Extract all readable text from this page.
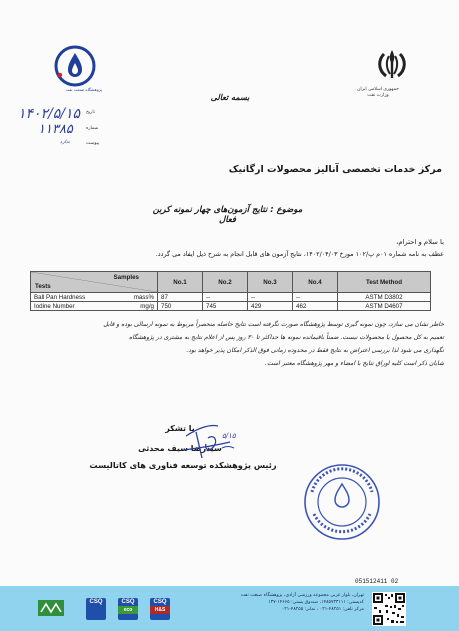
پژوهشگاه صنعت نفت	جمهوری اسلامی ایران
وزارت نفت
بسمه تعالی
۱۴۰۲/۵/۱۵ تاریخ
۱۱۳۸۵	شماره
ندارد	پیوست
مرکز خدمات تخصصی آنالیز محصولات ارگانیک
موضوع : نتایج آزمون‌های چهار نمونه کربن فعال
با سلام و احترام،
عطف به نامه شماره ۰۱م پ/۱۰۲ مورخ ۱۴۰۲/۰۴/۰۳، نتایج آزمون های قابل انجام به شرح ذیل ایفاد می گردد.
Samples
Tests	No.1	No.2	No.3	No.4	Test Method
Ball Pan Hardness mass%	87	--	--	--	ASTM D3802
Iodine Number mg/g	750	745	429	462	ASTM D4607
خاطر نشان می سازد، چون نمونه گیری توسط پژوهشگاه صورت نگرفته است نتایج حاصله منحصراً مربوط به نمونه ارسالی بوده و قابل
تعمیم به کل محصول یا محصولات نیست. ضمناً باقیمانده نمونه ها حداکثر تا ۳۰ روز پس از اعلام نتایج به مشتری در پژوهشگاه
نگهداری می شود لذا بررسی اعتراض به نتایج فقط در محدوده زمانی فوق الذکر امکان پذیر خواهد بود.
شایان ذکر است کلیه اوراق نتایج با امضاء و مهر پژوهشگاه معتبر است.
با تشکر
سیدرضا سیف محدثی
رئیس پژوهشکده توسعه فناوری های کاتالیست
۵/۱۵
051512411 02
CSQ	CSQ
eco
CSQ
H&S
تهران، بلوار غربی مجموعه ورزشی آزادی، پژوهشگاه صنعت نفت
کدپستی: ۱۴۸۵۷۳۳۱۱۱، صندوق پستی: ۱۴۶۶۵-۱۳۷
مرکز تلفن: ۴۸۲۵۱-۰۲۱ ، نمابر: ۴۸۲۵۵-۰۲۱
